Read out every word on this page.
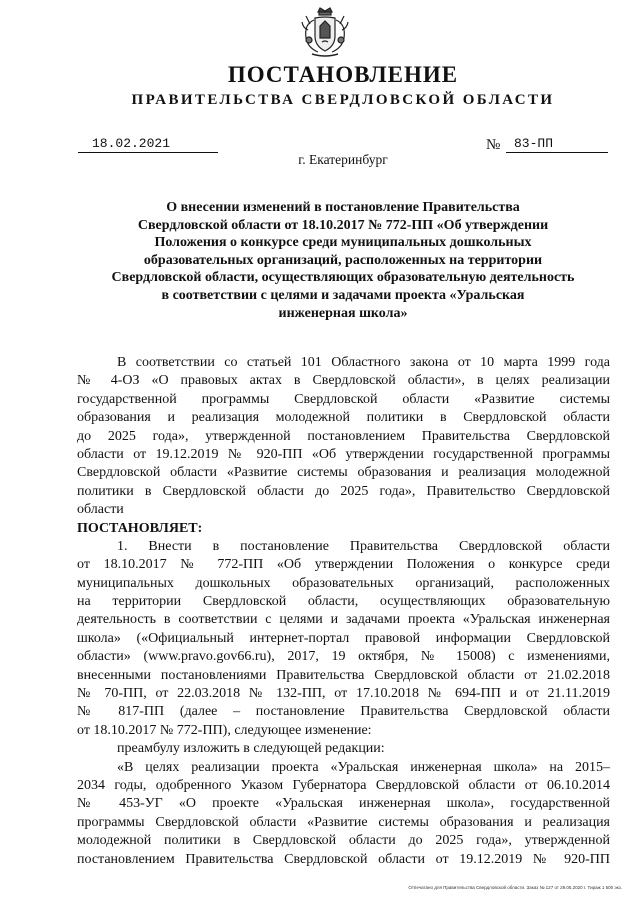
ПОСТАНОВЛЕНИЕ
ПРАВИТЕЛЬСТВА СВЕРДЛОВСКОЙ ОБЛАСТИ
18.02.2021	№	83-ПП
г. Екатеринбург
О внесении изменений в постановление Правительства
Свердловской области от 18.10.2017 № 772-ПП «Об утверждении
Положения о конкурсе среди муниципальных дошкольных
образовательных организаций, расположенных на территории
Свердловской области, осуществляющих образовательную деятельность
в соответствии с целями и задачами проекта «Уральская
инженерная школа»
В соответствии со статьей 101 Областного закона от 10 марта 1999 года
№ 4-ОЗ «О правовых актах в Свердловской области», в целях реализации
государственной программы Свердловской области «Развитие системы
образования и реализация молодежной политики в Свердловской области
до 2025 года», утвержденной постановлением Правительства Свердловской
области от 19.12.2019 № 920-ПП «Об утверждении государственной программы
Свердловской области «Развитие системы образования и реализация молодежной
политики в Свердловской области до 2025 года», Правительство Свердловской
области
ПОСТАНОВЛЯЕТ:
1. Внести в постановление Правительства Свердловской области
от 18.10.2017 № 772-ПП «Об утверждении Положения о конкурсе среди
муниципальных дошкольных образовательных организаций, расположенных
на территории Свердловской области, осуществляющих образовательную
деятельность в соответствии с целями и задачами проекта «Уральская инженерная
школа» («Официальный интернет-портал правовой информации Свердловской
области» (www.pravo.gov66.ru), 2017, 19 октября, № 15008) с изменениями,
внесенными постановлениями Правительства Свердловской области от 21.02.2018
№ 70-ПП, от 22.03.2018 № 132-ПП, от 17.10.2018 № 694-ПП и от 21.11.2019
№ 817-ПП (далее – постановление Правительства Свердловской области
от 18.10.2017 № 772-ПП), следующее изменение:
преамбулу изложить в следующей редакции:
«В целях реализации проекта «Уральская инженерная школа» на 2015–
2034 годы, одобренного Указом Губернатора Свердловской области от 06.10.2014
№ 453-УГ «О проекте «Уральская инженерная школа», государственной
программы Свердловской области «Развитие системы образования и реализация
молодежной политики в Свердловской области до 2025 года», утвержденной
постановлением Правительства Свердловской области от 19.12.2019 № 920-ПП
Отпечатано для Правительства Свердловской области. Заказ № 127 от 29.05.2020 г. Тираж 1 500 экз.
